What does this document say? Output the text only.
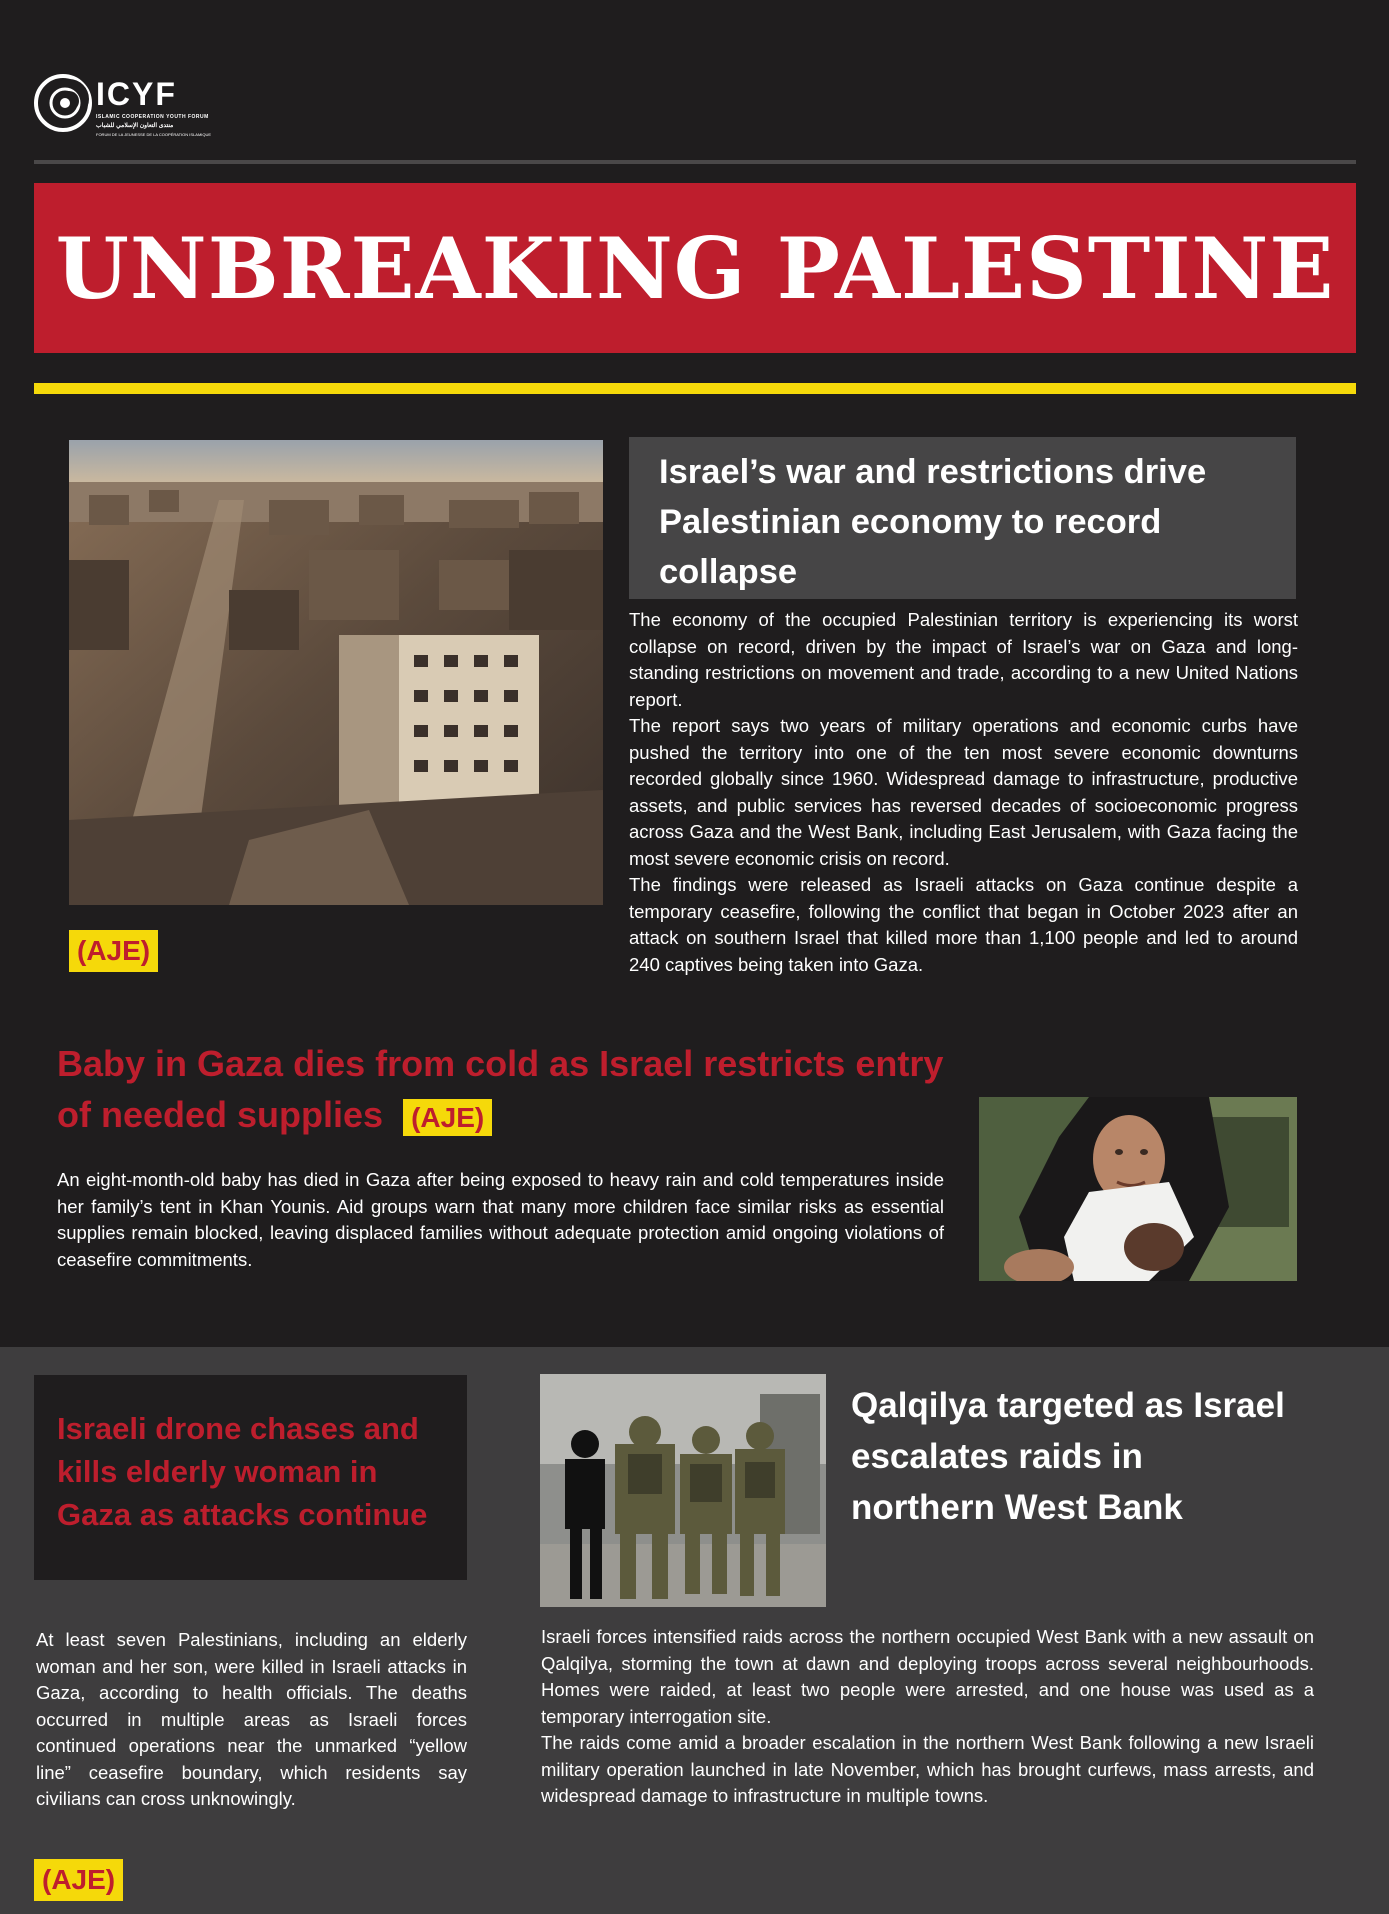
ICYF
ISLAMIC COOPERATION YOUTH FORUM
منتدى التعاون الإسلامي للشباب
FORUM DE LA JEUNESSE DE LA COOPÉRATION ISLAMIQUE
UNBREAKING PALESTINE
(AJE)
Israel’s war and restrictions drive Palestinian economy to record collapse

The economy of the occupied Palestinian territory is experiencing its worst collapse on record, driven by the impact of Israel’s war on Gaza and long-standing restrictions on movement and trade, according to a new United Nations report.

The report says two years of military operations and economic curbs have pushed the territory into one of the ten most severe economic downturns recorded globally since 1960. Widespread damage to infrastructure, productive assets, and public services has reversed decades of socioeconomic progress across Gaza and the West Bank, including East Jerusalem, with Gaza facing the most severe economic crisis on record.

The findings were released as Israeli attacks on Gaza continue despite a temporary ceasefire, following the conflict that began in October 2023 after an attack on southern Israel that killed more than 1,100 people and led to around 240 captives being taken into Gaza.

Baby in Gaza dies from cold as Israel restricts entry of needed supplies (AJE)
An eight-month-old baby has died in Gaza after being exposed to heavy rain and cold temperatures inside her family’s tent in Khan Younis. Aid groups warn that many more children face similar risks as essential supplies remain blocked, leaving displaced families without adequate protection amid ongoing violations of ceasefire commitments.
Israeli drone chases and kills elderly woman in Gaza as attacks continue
At least seven Palestinians, including an elderly woman and her son, were killed in Israeli attacks in Gaza, according to health officials. The deaths occurred in multiple areas as Israeli forces continued operations near the unmarked “yellow line” ceasefire boundary, which residents say civilians can cross unknowingly.
(AJE)
Qalqilya targeted as Israel escalates raids in northern West Bank

Israeli forces intensified raids across the northern occupied West Bank with a new assault on Qalqilya, storming the town at dawn and deploying troops across several neighbourhoods. Homes were raided, at least two people were arrested, and one house was used as a temporary interrogation site.

The raids come amid a broader escalation in the northern West Bank following a new Israeli military operation launched in late November, which has brought curfews, mass arrests, and widespread damage to infrastructure in multiple towns.
